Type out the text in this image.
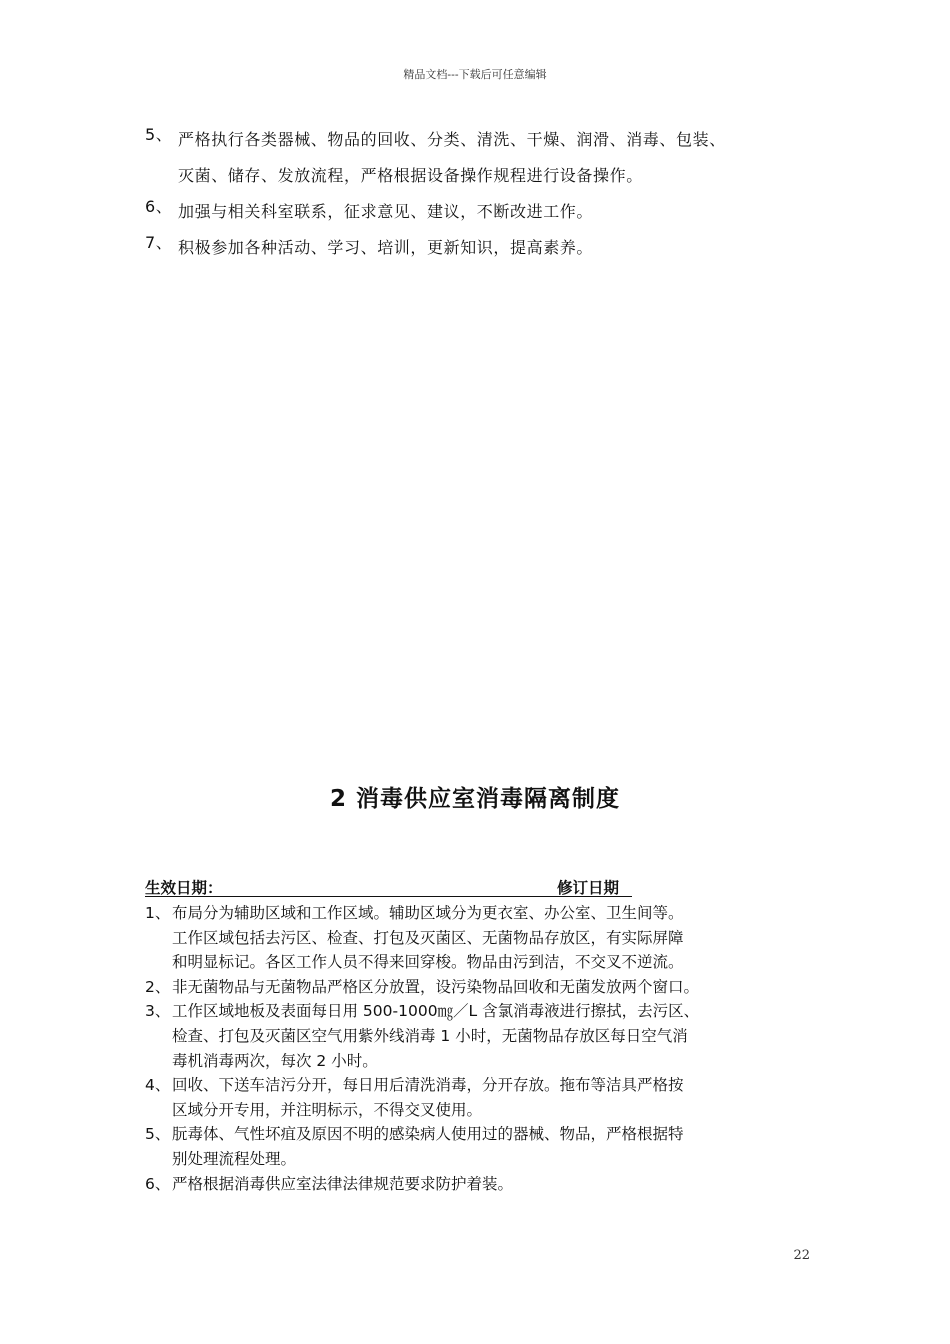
精品文档---下载后可任意编辑
5、 严格执行各类器械、物品的回收、分类、清洗、干燥、润滑、消毒、包装、
灭菌、储存、发放流程，严格根据设备操作规程进行设备操作。
6、 加强与相关科室联系，征求意见、建议，不断改进工作。
7、 积极参加各种活动、学习、培训，更新知识，提高素养。
2 消毒供应室消毒隔离制度
生效日期：	修订日期
1、 布局分为辅助区域和工作区域。辅助区域分为更衣室、办公室、卫生间等。
工作区域包括去污区、检查、打包及灭菌区、无菌物品存放区，有实际屏障
和明显标记。各区工作人员不得来回穿梭。物品由污到洁，不交叉不逆流。
2、 非无菌物品与无菌物品严格区分放置，设污染物品回收和无菌发放两个窗口。
3、 工作区域地板及表面每日用 500-1000㎎／L 含氯消毒液进行擦拭，去污区、
检查、打包及灭菌区空气用紫外线消毒 1 小时，无菌物品存放区每日空气消
毒机消毒两次，每次 2 小时。
4、 回收、下送车洁污分开，每日用后清洗消毒，分开存放。拖布等洁具严格按
区域分开专用，并注明标示，不得交叉使用。
5、 朊毒体、气性坏疽及原因不明的感染病人使用过的器械、物品，严格根据特
别处理流程处理。
6、 严格根据消毒供应室法律法律规范要求防护着装。
22
